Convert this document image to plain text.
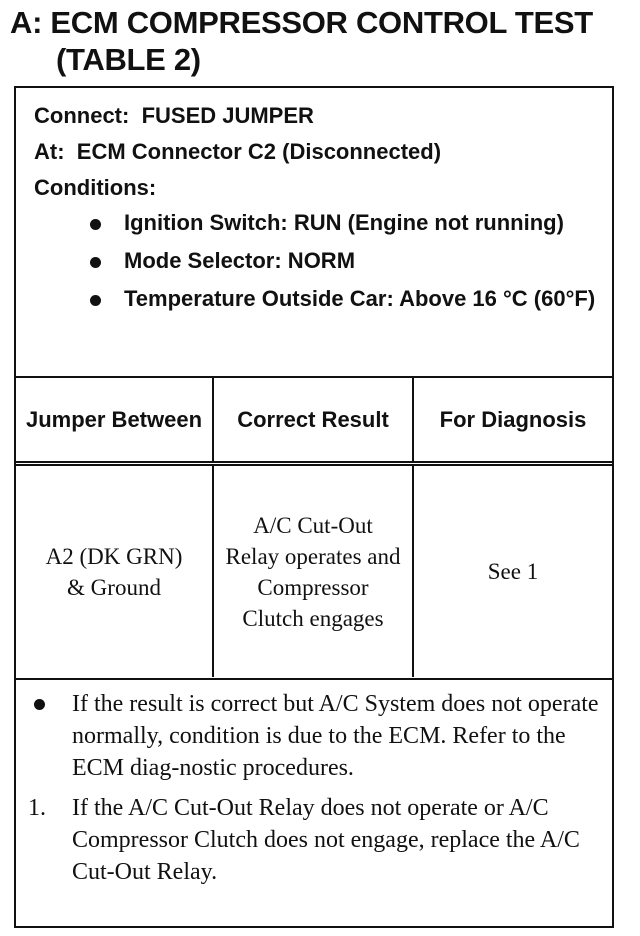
A: ECM COMPRESSOR CONTROL TEST
(TABLE 2)
Connect: FUSED JUMPER
At: ECM Connector C2 (Disconnected)
Conditions:
Ignition Switch: RUN (Engine not running)
Mode Selector: NORM
Temperature Outside Car: Above 16 °C (60°F)
Jumper Between	Correct Result	For Diagnosis
A2 (DK GRN) & Ground
A/C Cut-Out Relay operates and Compressor Clutch engages
See 1
If the result is correct but A/C System does not operate normally, condition is due to the ECM. Refer to the ECM diag-nostic procedures.
1. If the A/C Cut-Out Relay does not operate or A/C Compressor Clutch does not engage, replace the A/C Cut-Out Relay.
